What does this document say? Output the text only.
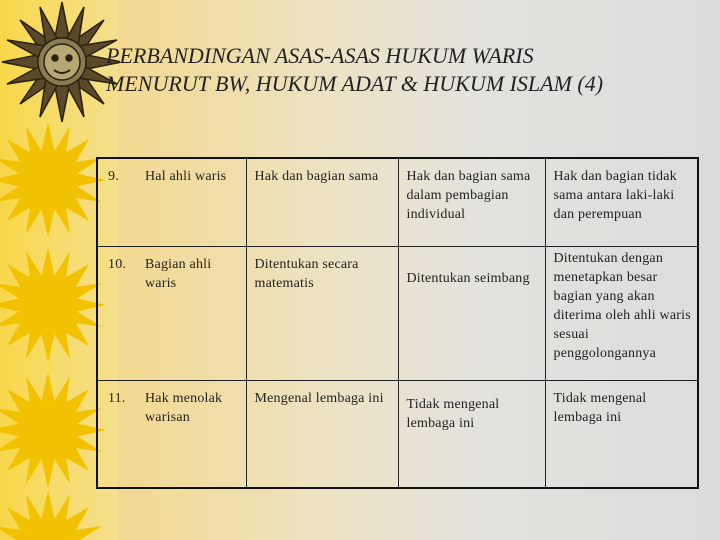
PERBANDINGAN ASAS-ASAS HUKUM WARIS
MENURUT BW, HUKUM ADAT & HUKUM ISLAM (4)
9.	Hal ahli waris	Hak dan bagian sama	Hak dan bagian sama dalam pembagian individual	Hak dan bagian tidak sama antara laki-laki dan perempuan
10.	Bagian ahli waris	Ditentukan secara matematis	Ditentukan seimbang	Ditentukan dengan menetapkan besar bagian yang akan diterima oleh ahli waris sesuai penggolongannya
11.	Hak menolak warisan	Mengenal lembaga ini	Tidak mengenal lembaga ini	Tidak mengenal lembaga ini
